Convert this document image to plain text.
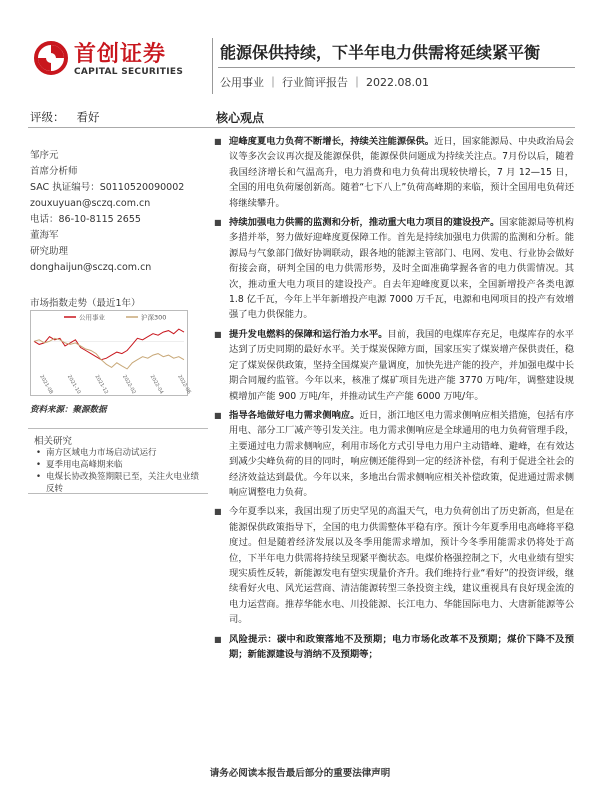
首创证券
CAPITAL SECURITIES
能源保供持续，下半年电力供需将延续紧平衡
公用事业 ｜ 行业简评报告 ｜ 2022.08.01
评级： 看好	核心观点
邹序元
首席分析师
SAC 执证编号：S0110520090002
zouxuyuan@sczq.com.cn
电话：86-10-8115 2655
董海军
研究助理
donghaijun@sczq.com.cn
市场指数走势（最近1年）
公用事业	沪深300
2021-08 2021-10 2021-12 2022-02 2022-04 2022-06
资料来源：聚源数据
相关研究
• 南方区域电力市场启动试运行
• 夏季用电高峰期来临
• 电煤长协改换签期限已至，关注火电业绩反转
■ 迎峰度夏电力负荷不断增长，持续关注能源保供。近日，国家能源局、中央政治局会议等多次会议再次提及能源保供，能源保供问题成为持续关注点。7月份以后，随着我国经济增长和气温高升，电力消费和电力负荷出现较快增长，7 月 12—15 日，全国的用电负荷屡创新高。随着“七下八上”负荷高峰期的来临，预计全国用电负荷还将继续攀升。
■ 持续加强电力供需的监测和分析，推动重大电力项目的建设投产。国家能源局等机构多措并举，努力做好迎峰度夏保障工作。首先是持续加强电力供需的监测和分析。能源局与气象部门做好协调联动，跟各地的能源主管部门、电网、发电、行业协会做好衔接会商，研判全国的电力供需形势，及时全面准确掌握各省的电力供需情况。其次，推动重大电力项目的建设投产。自去年迎峰度夏以来，全国新增投产各类电源 1.8 亿千瓦，今年上半年新增投产电源 7000 万千瓦，电源和电网项目的投产有效增强了电力供保能力。
■ 提升发电燃料的保障和运行治力水平。目前，我国的电煤库存充足，电煤库存的水平达到了历史同期的最好水平。关于煤炭保障方面，国家压实了煤炭增产保供责任，稳定了煤炭保供政策，坚持全国煤炭产量调度，加快先进产能的投产，并加强电煤中长期合同履约监管。今年以来，核准了煤矿项目先进产能 3770 万吨/年，调整建设规模增加产能 900 万吨/年，并推动试生产产能 6000 万吨/年。
■ 指导各地做好电力需求侧响应。近日，浙江地区电力需求侧响应相关措施，包括有序用电、部分工厂减产等引发关注。电力需求侧响应是全球通用的电力负荷管理手段，主要通过电力需求侧响应，利用市场化方式引导电力用户主动错峰、避峰，在有效达到减少尖峰负荷的目的同时，响应侧还能得到一定的经济补偿，有利于促进全社会的经济效益达到最优。今年以来，多地出台需求侧响应相关补偿政策，促进通过需求侧响应调整电力负荷。
■ 今年夏季以来，我国出现了历史罕见的高温天气，电力负荷创出了历史新高，但是在能源保供政策指导下，全国的电力供需整体平稳有序。预计今年夏季用电高峰将平稳度过。但是随着经济发展以及冬季用能需求增加，预计今冬季用能需求仍将处于高位，下半年电力供需将持续呈现紧平衡状态。电煤价格强控制之下，火电业绩有望实现实质性反转，新能源发电有望实现量价齐升。我们维持行业“看好”的投资评级，继续看好火电、风光运营商、清洁能源转型三条投资主线，建议重视具有良好现金流的电力运营商。推荐华能水电、川投能源、长江电力、华能国际电力、大唐新能源等公司。
■ 风险提示：碳中和政策落地不及预期；电力市场化改革不及预期；煤价下降不及预期；新能源建设与消纳不及预期等；
请务必阅读本报告最后部分的重要法律声明
